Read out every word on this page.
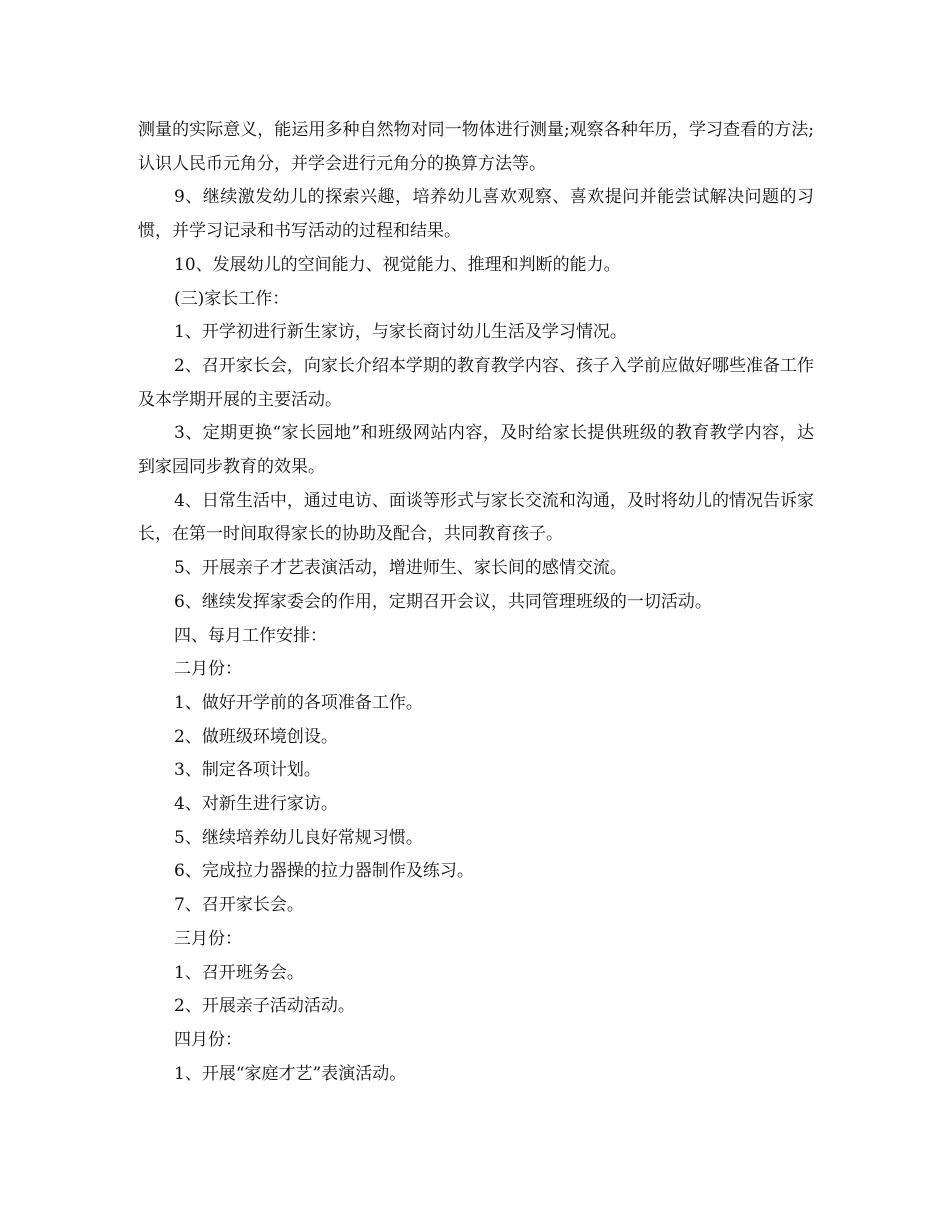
测量的实际意义，能运用多种自然物对同一物体进行测量;观察各种年历，学习查看的方法;认识人民币元角分，并学会进行元角分的换算方法等。

9、继续激发幼儿的探索兴趣，培养幼儿喜欢观察、喜欢提问并能尝试解决问题的习惯，并学习记录和书写活动的过程和结果。

10、发展幼儿的空间能力、视觉能力、推理和判断的能力。

(三)家长工作：

1、开学初进行新生家访，与家长商讨幼儿生活及学习情况。

2、召开家长会，向家长介绍本学期的教育教学内容、孩子入学前应做好哪些准备工作及本学期开展的主要活动。

3、定期更换“家长园地”和班级网站内容，及时给家长提供班级的教育教学内容，达到家园同步教育的效果。

4、日常生活中，通过电访、面谈等形式与家长交流和沟通，及时将幼儿的情况告诉家长，在第一时间取得家长的协助及配合，共同教育孩子。

5、开展亲子才艺表演活动，增进师生、家长间的感情交流。

6、继续发挥家委会的作用，定期召开会议，共同管理班级的一切活动。

四、每月工作安排：

二月份：

1、做好开学前的各项准备工作。

2、做班级环境创设。

3、制定各项计划。

4、对新生进行家访。

5、继续培养幼儿良好常规习惯。

6、完成拉力器操的拉力器制作及练习。

7、召开家长会。

三月份：

1、召开班务会。

2、开展亲子活动活动。

四月份：

1、开展“家庭才艺”表演活动。
